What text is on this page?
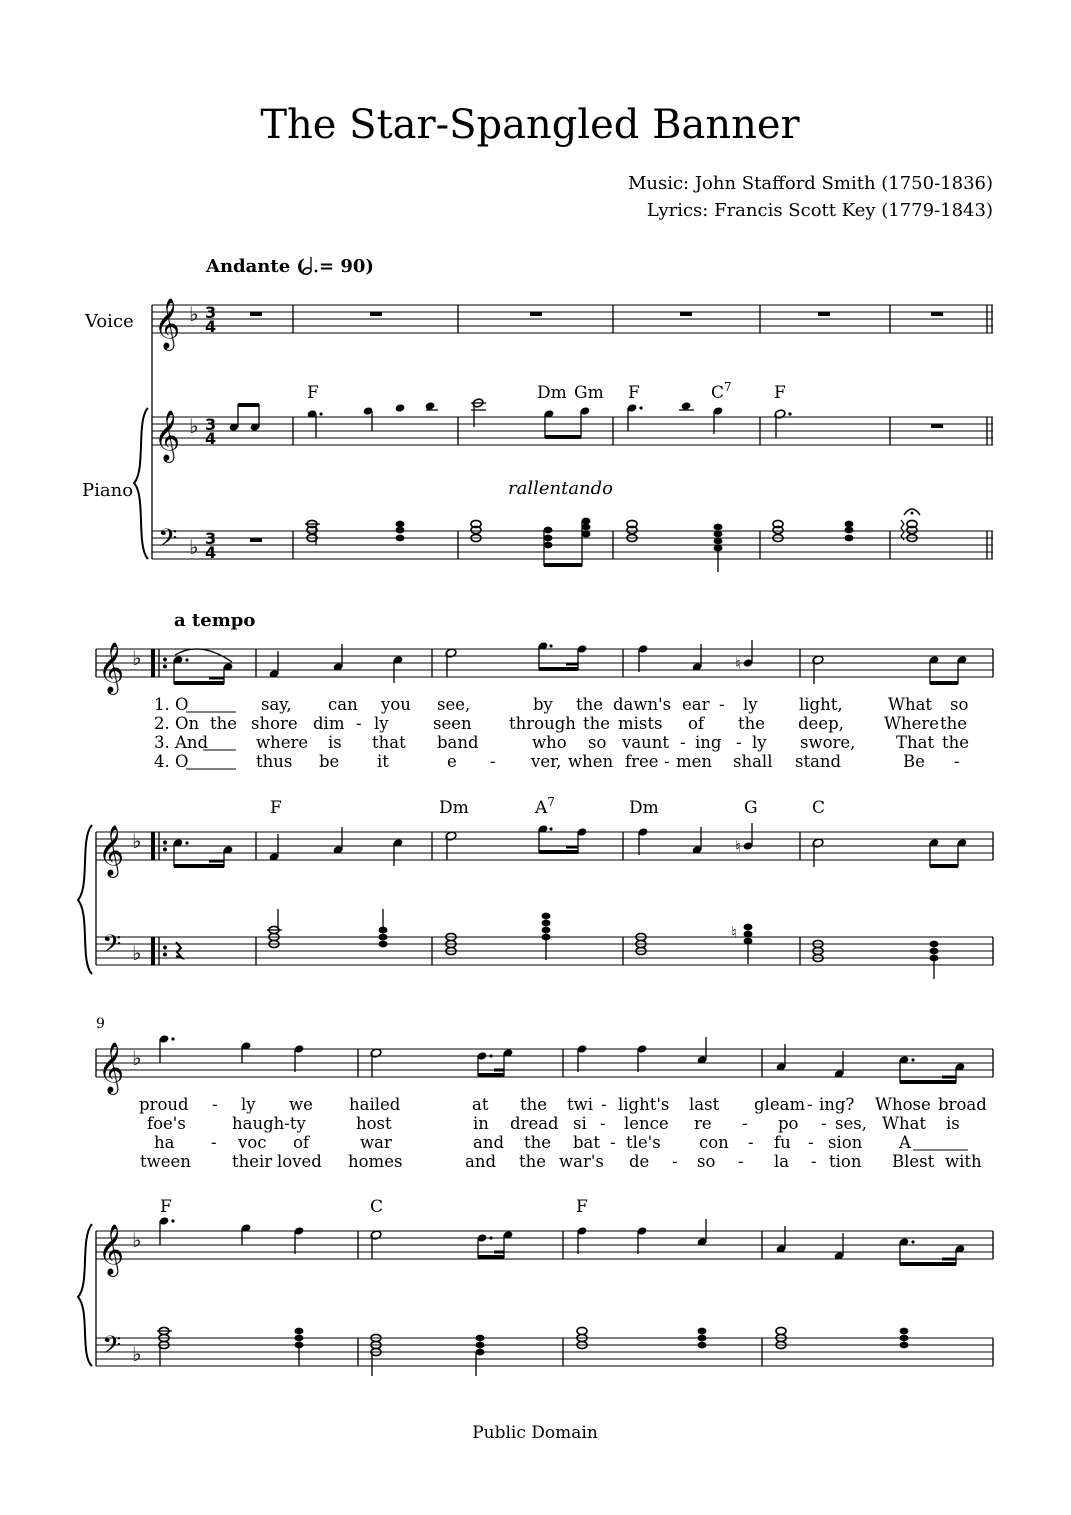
The Star-Spangled Banner
Music: John Stafford Smith (1750-1836)
Lyrics: Francis Scott Key (1779-1843)
Andante ( = 90)
Voice
Piano
𝄞 ♭ 3
4
F	Dm Gm F	$C^7$ F
𝄞 ♭ 3
4
rallentando
𝄢 ♭ 3
4
a tempo
𝄞 ♭	♮
1. O	say, can you see,	by the dawn's ear - ly	light,	What so
2. On the shore dim - ly	seen through the mists of the deep, Where the
3. And	where is that band	who so vaunt - ing - ly swore, That the
4. O	thus be it	e - ver, when free - men shall stand	Be -
F	Dm	$A^7$	Dm	G	C
𝄞 ♭	♮
𝄢 ♭
♮
9
𝄞 ♭
proud - ly we hailed	at the twi - light's last gleam - ing? Whose broad
foe's	haugh-ty	host	in dread si - lence re - po - ses, What is
ha - voc of	war	and the bat - tle's con - fu - sion A
tween their loved homes	and the war's de - so - la - tion Blest with
F	C	F
𝄞 ♭
𝄢 ♭
Public Domain
